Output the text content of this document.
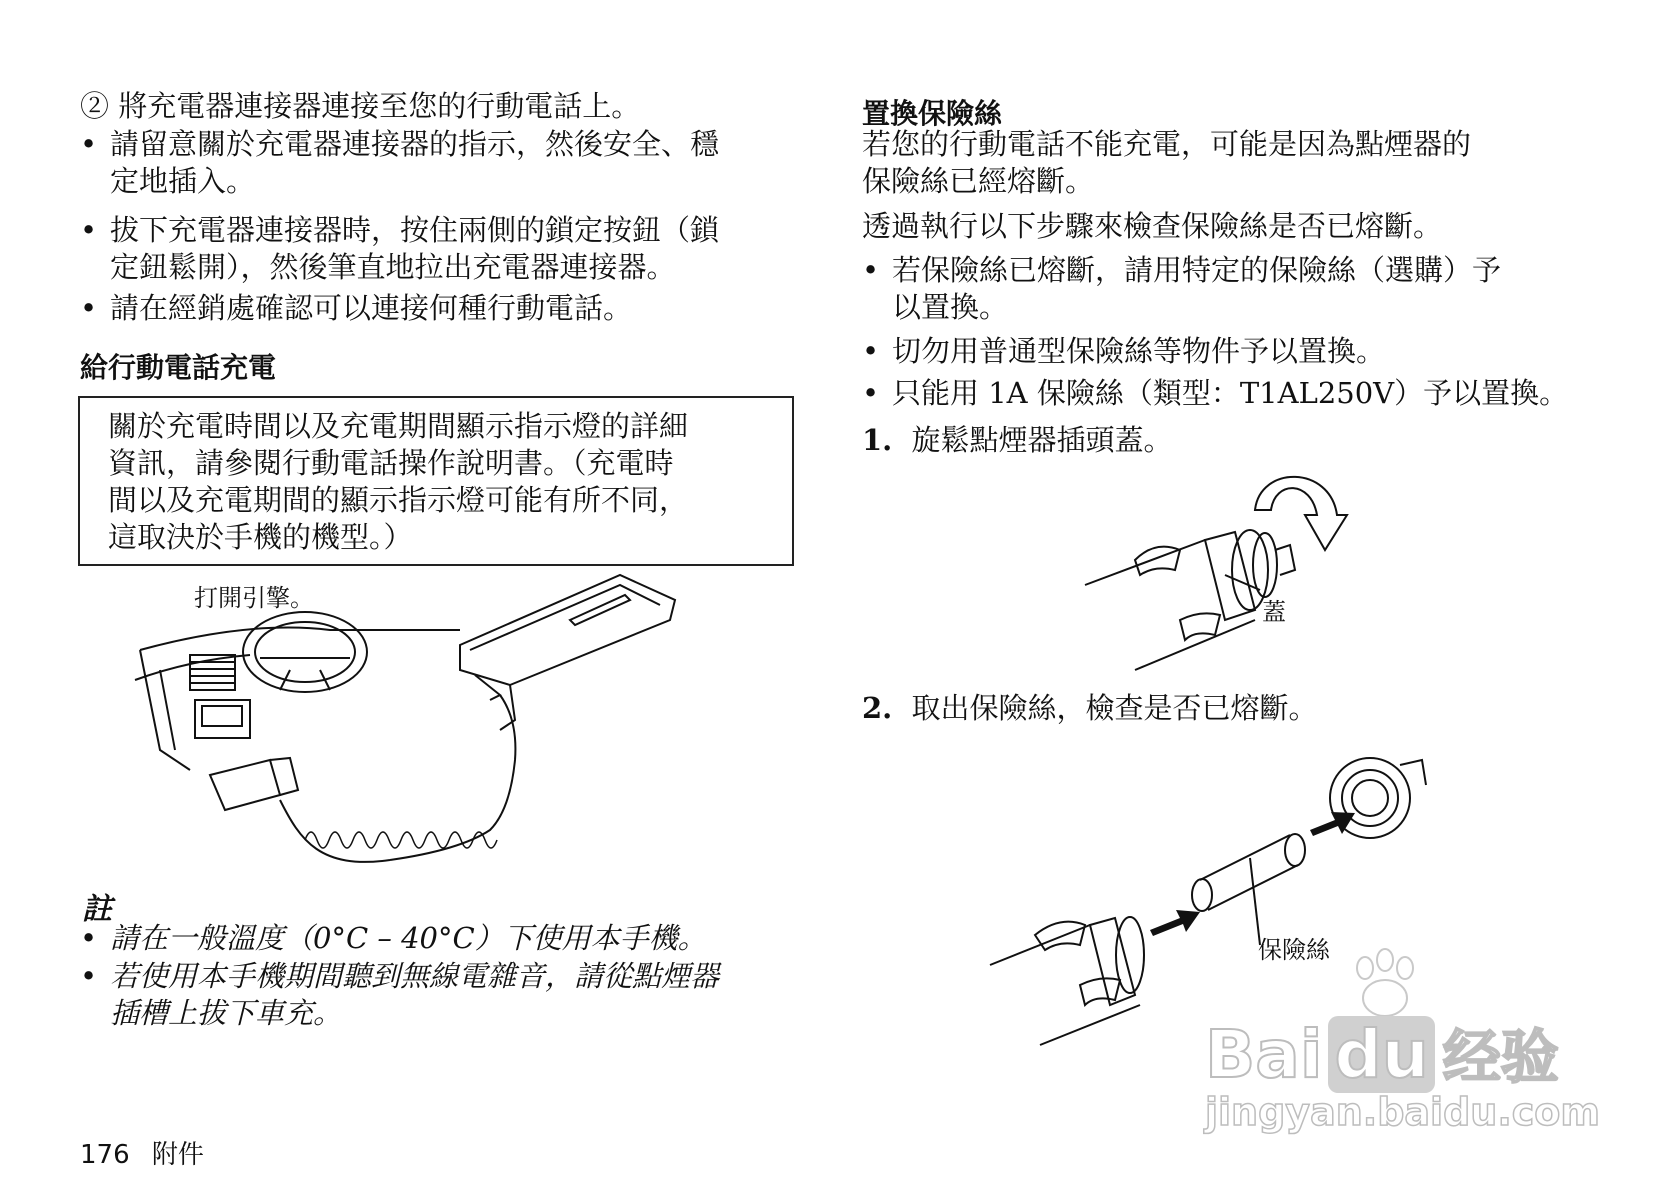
② 將充電器連接器連接至您的行動電話上。
• 請留意關於充電器連接器的指示，然後安全、穩
定地插入。
• 拔下充電器連接器時，按住兩側的鎖定按鈕（鎖
定鈕鬆開），然後筆直地拉出充電器連接器。
• 請在經銷處確認可以連接何種行動電話。
給行動電話充電
關於充電時間以及充電期間顯示指示燈的詳細
資訊，請參閱行動電話操作說明書。（充電時
間以及充電期間的顯示指示燈可能有所不同，
這取決於手機的機型。）
打開引擎。
註
• 請在一般溫度（0°C – 40°C）下使用本手機。
• 若使用本手機期間聽到無線電雜音，請從點煙器
插槽上拔下車充。
176 附件
置換保險絲
若您的行動電話不能充電，可能是因為點煙器的
保險絲已經熔斷。
透過執行以下步驟來檢查保險絲是否已熔斷。
• 若保險絲已熔斷，請用特定的保險絲（選購）予
以置換。
• 切勿用普通型保險絲等物件予以置換。
• 只能用 1A 保險絲（類型：T1AL250V）予以置換。
1. 旋鬆點煙器插頭蓋。
蓋
2. 取出保險絲，檢查是否已熔斷。
保險絲
Bai du 经验
jingyan.baidu.com
